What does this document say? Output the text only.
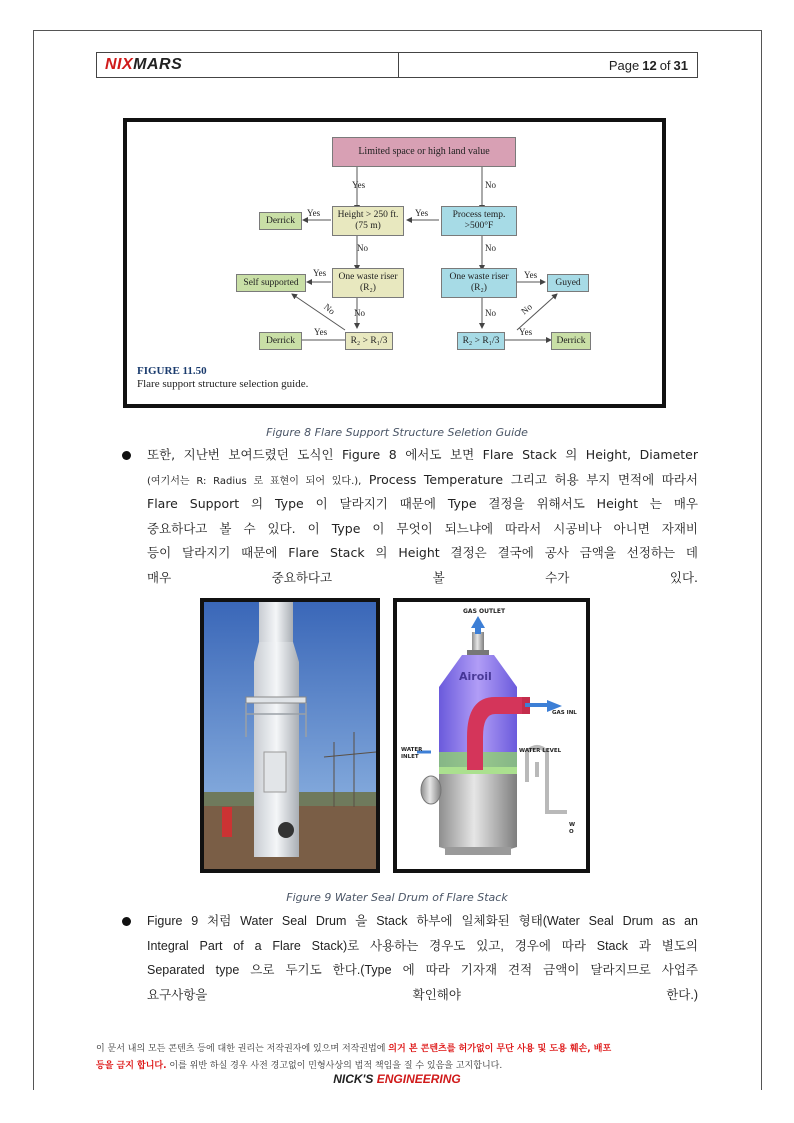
NIXMARS	Page 12 of 31
Limited space or high land value
Height > 250 ft.
(75 m)
Process temp.
>500°F
Derrick
One waste riser
(R₂)
One waste riser
(R₂)
Self supported	Guyed
Derrick	R₂ > R₁/3	R₂ > R₁/3	Derrick
Yes	No
Yes	Yes
No	No
Yes	Yes
No	No
Yes	Yes
No	No
FIGURE 11.50
Flare support structure selection guide.
Figure 8 Flare Support Structure Seletion Guide
또한, 지난번 보여드렸던 도식인 Figure 8 에서도 보면 Flare Stack 의 Height, Diameter
(여기서는 R: Radius 로 표현이 되어 있다.), Process Temperature 그리고 허용 부지 면적에 따라서
Flare Support 의 Type 이 달라지기 때문에 Type 결정을 위해서도 Height 는 매우
중요하다고 볼 수 있다. 이 Type 이 무엇이 되느냐에 따라서 시공비나 아니면 자재비
등이 달라지기 때문에 Flare Stack 의 Height 결정은 결국에 공사 금액을 선정하는 데
매우 중요하다고 볼 수가 있다.
GAS OUTLET
Airoil
GAS INL
WATER
INLET
WATER LEVEL
W
O
Figure 9 Water Seal Drum of Flare Stack
Figure 9 처럼 Water Seal Drum 을 Stack 하부에 일체화된 형태(Water Seal Drum as an
Integral Part of a Flare Stack)로 사용하는 경우도 있고, 경우에 따라 Stack 과 별도의
Separated type 으로 두기도 한다.(Type 에 따라 기자재 견적 금액이 달라지므로 사업주
요구사항을 확인해야 한다.)
이 문서 내의 모든 콘텐츠 등에 대한 권리는 저작권자에 있으며 저작권법에 의거 본 콘텐츠를 허가없이 무단 사용 및 도용 훼손, 배포
등을 금지 합니다. 이를 위반 하실 경우 사전 경고없이 민형사상의 법적 책임을 질 수 있음을 고지합니다.
NICK'S ENGINEERING
